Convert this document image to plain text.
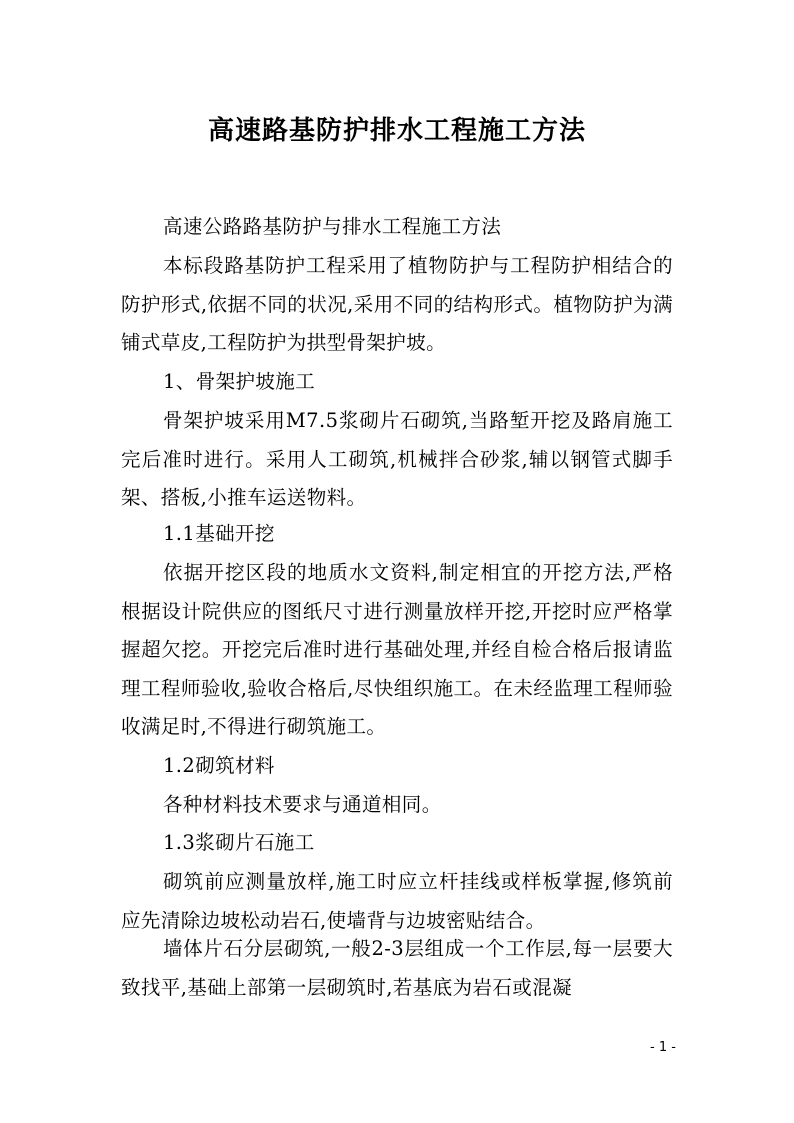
高速路基防护排水工程施工方法

高速公路路基防护与排水工程施工方法

本标段路基防护工程采用了植物防护与工程防护相结合的防护形式,依据不同的状况,采用不同的结构形式。植物防护为满铺式草皮,工程防护为拱型骨架护坡。

1、骨架护坡施工

骨架护坡采用M7.5浆砌片石砌筑,当路堑开挖及路肩施工完后准时进行。采用人工砌筑,机械拌合砂浆,辅以钢管式脚手架、搭板,小推车运送物料。

1.1基础开挖

依据开挖区段的地质水文资料,制定相宜的开挖方法,严格根据设计院供应的图纸尺寸进行测量放样开挖,开挖时应严格掌握超欠挖。开挖完后准时进行基础处理,并经自检合格后报请监理工程师验收,验收合格后,尽快组织施工。在未经监理工程师验收满足时,不得进行砌筑施工。

1.2砌筑材料

各种材料技术要求与通道相同。

1.3浆砌片石施工

砌筑前应测量放样,施工时应立杆挂线或样板掌握,修筑前应先清除边坡松动岩石,使墙背与边坡密贴结合。

墙体片石分层砌筑,一般2-3层组成一个工作层,每一层要大致找平,基础上部第一层砌筑时,若基底为岩石或混凝

- 1 -
